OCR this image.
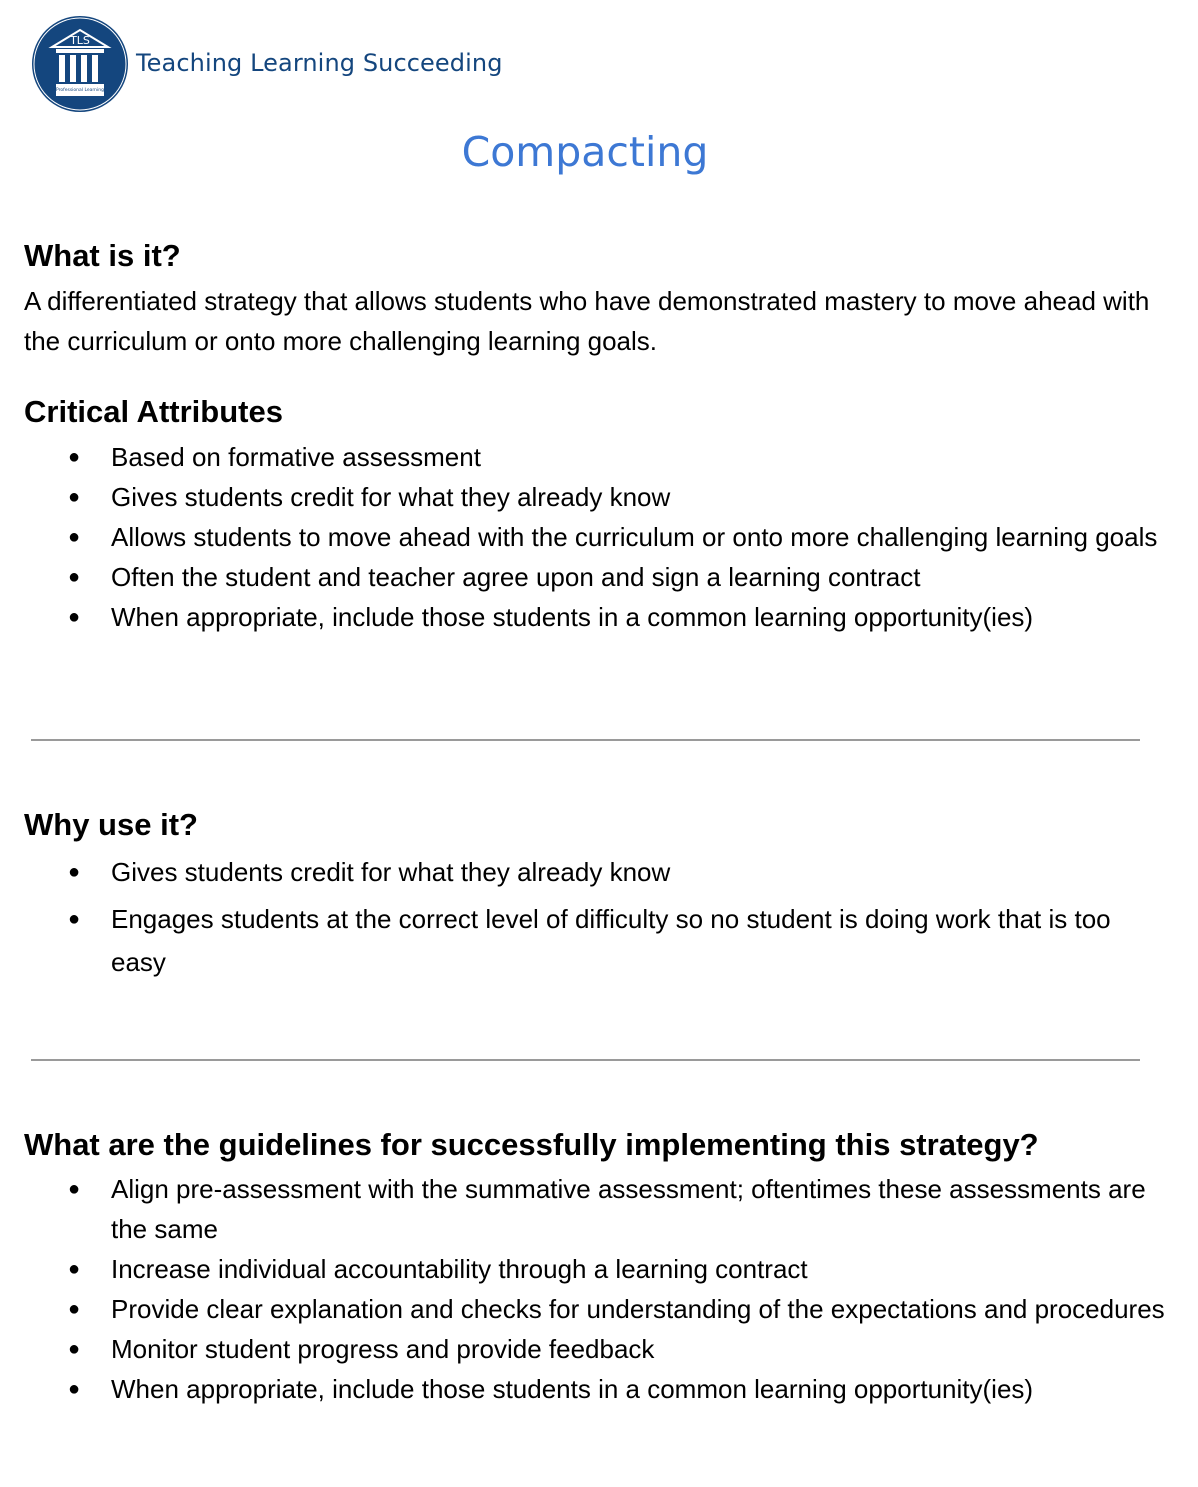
TLS
Professional Learning
Teaching Learning Succeeding
Compacting
What is it?

A differentiated strategy that allows students who have demonstrated mastery to move ahead with the curriculum or onto more challenging learning goals.

Critical Attributes
● Based on formative assessment
● Gives students credit for what they already know
● Allows students to move ahead with the curriculum or onto more challenging learning goals
● Often the student and teacher agree upon and sign a learning contract
● When appropriate, include those students in a common learning opportunity(ies)
Why use it?
● Gives students credit for what they already know
● Engages students at the correct level of difficulty so no student is doing work that is too easy
What are the guidelines for successfully implementing this strategy?
● Align pre-assessment with the summative assessment; oftentimes these assessments are the same
● Increase individual accountability through a learning contract
● Provide clear explanation and checks for understanding of the expectations and procedures
● Monitor student progress and provide feedback
● When appropriate, include those students in a common learning opportunity(ies)
